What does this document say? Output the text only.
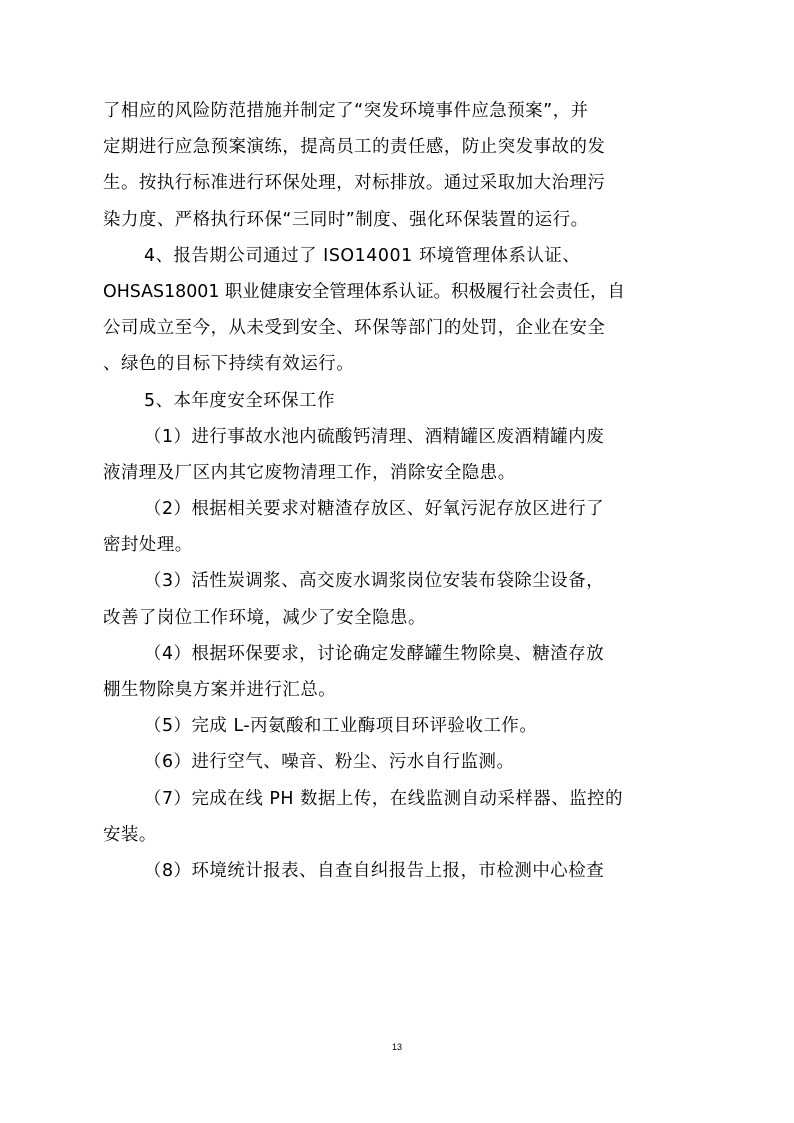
了相应的风险防范措施并制定了“突发环境事件应急预案”，并
定期进行应急预案演练，提高员工的责任感，防止突发事故的发
生。按执行标准进行环保处理，对标排放。通过采取加大治理污
染力度、严格执行环保“三同时”制度、强化环保装置的运行。
4、报告期公司通过了 ISO14001 环境管理体系认证、
OHSAS18001 职业健康安全管理体系认证。积极履行社会责任，自
公司成立至今，从未受到安全、环保等部门的处罚，企业在安全
、绿色的目标下持续有效运行。
5、本年度安全环保工作
（1）进行事故水池内硫酸钙清理、酒精罐区废酒精罐内废
液清理及厂区内其它废物清理工作，消除安全隐患。
（2）根据相关要求对糖渣存放区、好氧污泥存放区进行了
密封处理。
（3）活性炭调浆、高交废水调浆岗位安装布袋除尘设备，
改善了岗位工作环境，减少了安全隐患。
（4）根据环保要求，讨论确定发酵罐生物除臭、糖渣存放
棚生物除臭方案并进行汇总。
（5）完成 L-丙氨酸和工业酶项目环评验收工作。
（6）进行空气、噪音、粉尘、污水自行监测。
（7）完成在线 PH 数据上传，在线监测自动采样器、监控的
安装。
（8）环境统计报表、自查自纠报告上报，市检测中心检查
13
